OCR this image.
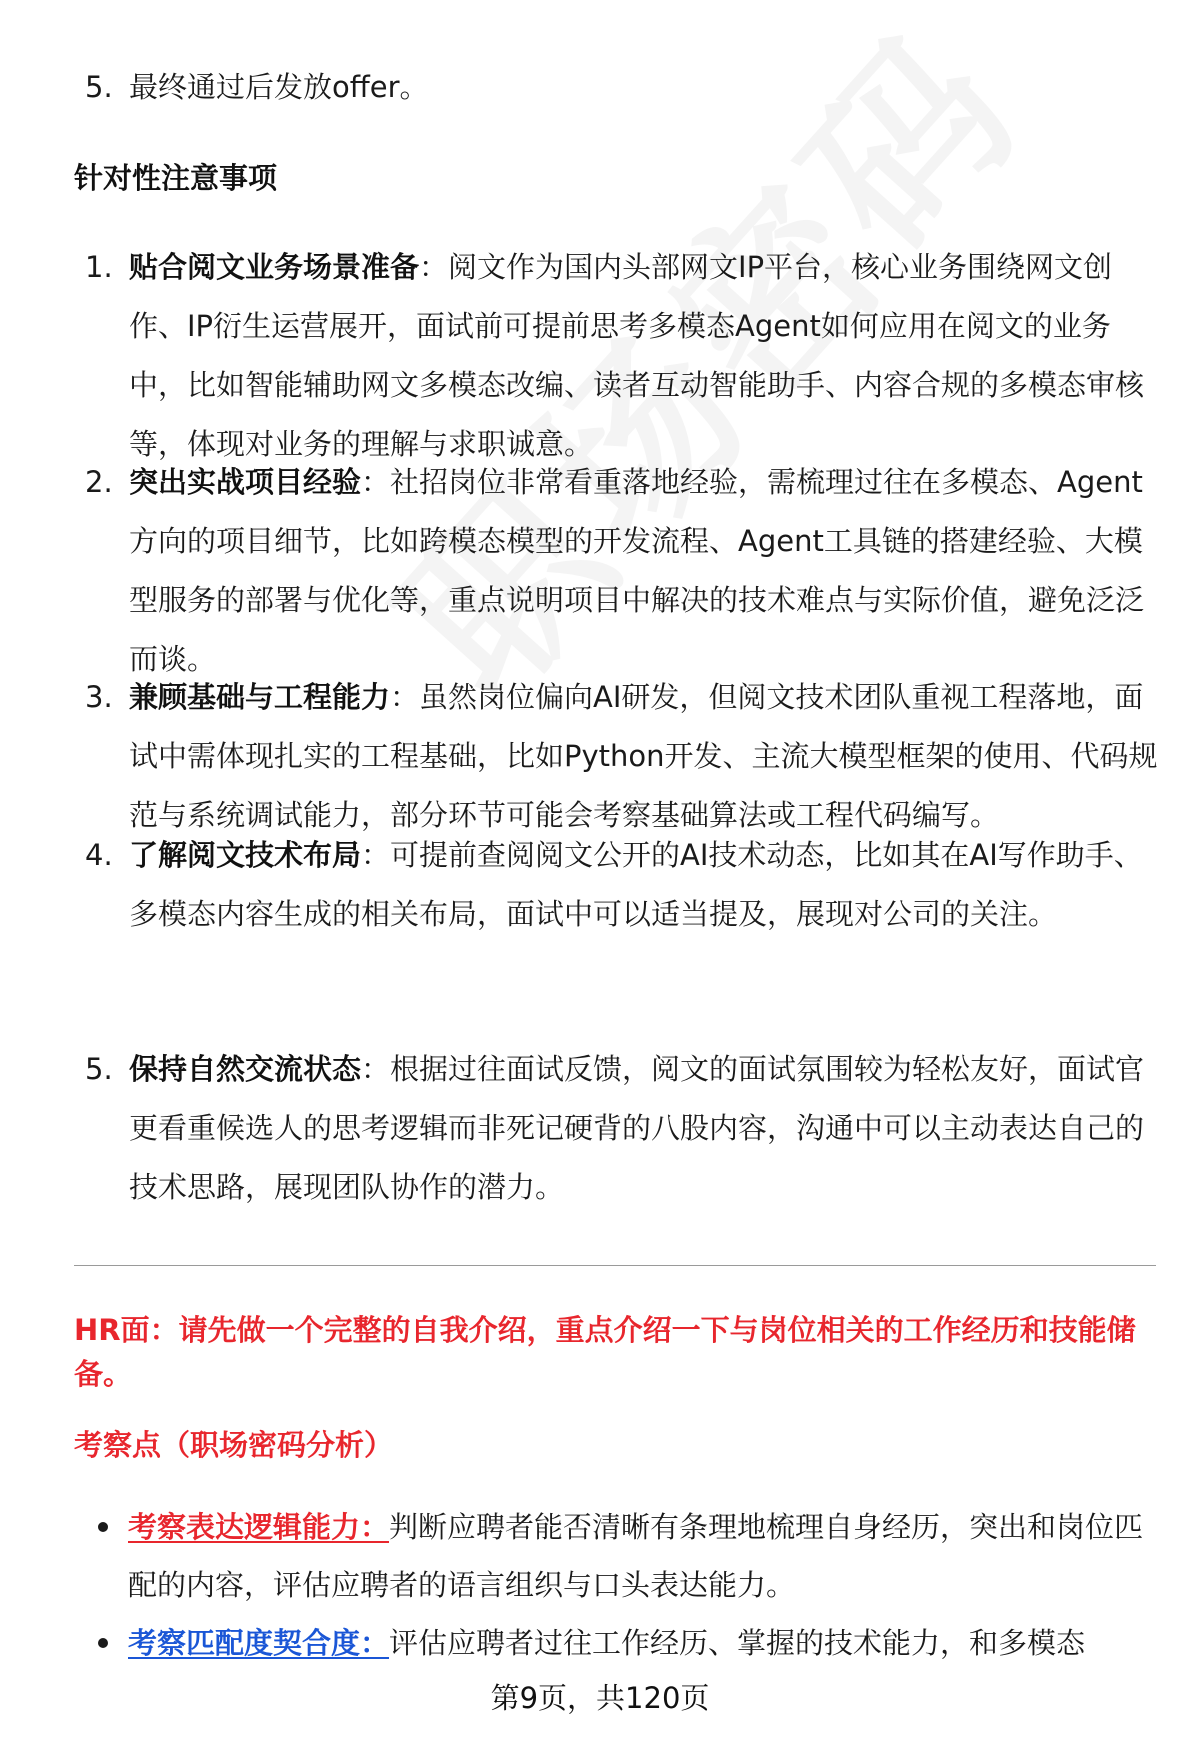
5. 最终通过后发放offer。
针对性注意事项
1. 贴合阅文业务场景准备：阅文作为国内头部网文IP平台，核心业务围绕网文创作、IP衍生运营展开，面试前可提前思考多模态Agent如何应用在阅文的业务中，比如智能辅助网文多模态改编、读者互动智能助手、内容合规的多模态审核等，体现对业务的理解与求职诚意。
2. 突出实战项目经验：社招岗位非常看重落地经验，需梳理过往在多模态、Agent方向的项目细节，比如跨模态模型的开发流程、Agent工具链的搭建经验、大模型服务的部署与优化等，重点说明项目中解决的技术难点与实际价值，避免泛泛而谈。
3. 兼顾基础与工程能力：虽然岗位偏向AI研发，但阅文技术团队重视工程落地，面试中需体现扎实的工程基础，比如Python开发、主流大模型框架的使用、代码规范与系统调试能力，部分环节可能会考察基础算法或工程代码编写。
4. 了解阅文技术布局：可提前查阅阅文公开的AI技术动态，比如其在AI写作助手、多模态内容生成的相关布局，面试中可以适当提及，展现对公司的关注。
5. 保持自然交流状态：根据过往面试反馈，阅文的面试氛围较为轻松友好，面试官更看重候选人的思考逻辑而非死记硬背的八股内容，沟通中可以主动表达自己的技术思路，展现团队协作的潜力。
HR面：请先做一个完整的自我介绍，重点介绍一下与岗位相关的工作经历和技能储备。
考察点（职场密码分析）
考察表达逻辑能力：判断应聘者能否清晰有条理地梳理自身经历，突出和岗位匹配的内容，评估应聘者的语言组织与口头表达能力。
考察匹配度契合度：评估应聘者过往工作经历、掌握的技术能力，和多模态
第9页，共120页
